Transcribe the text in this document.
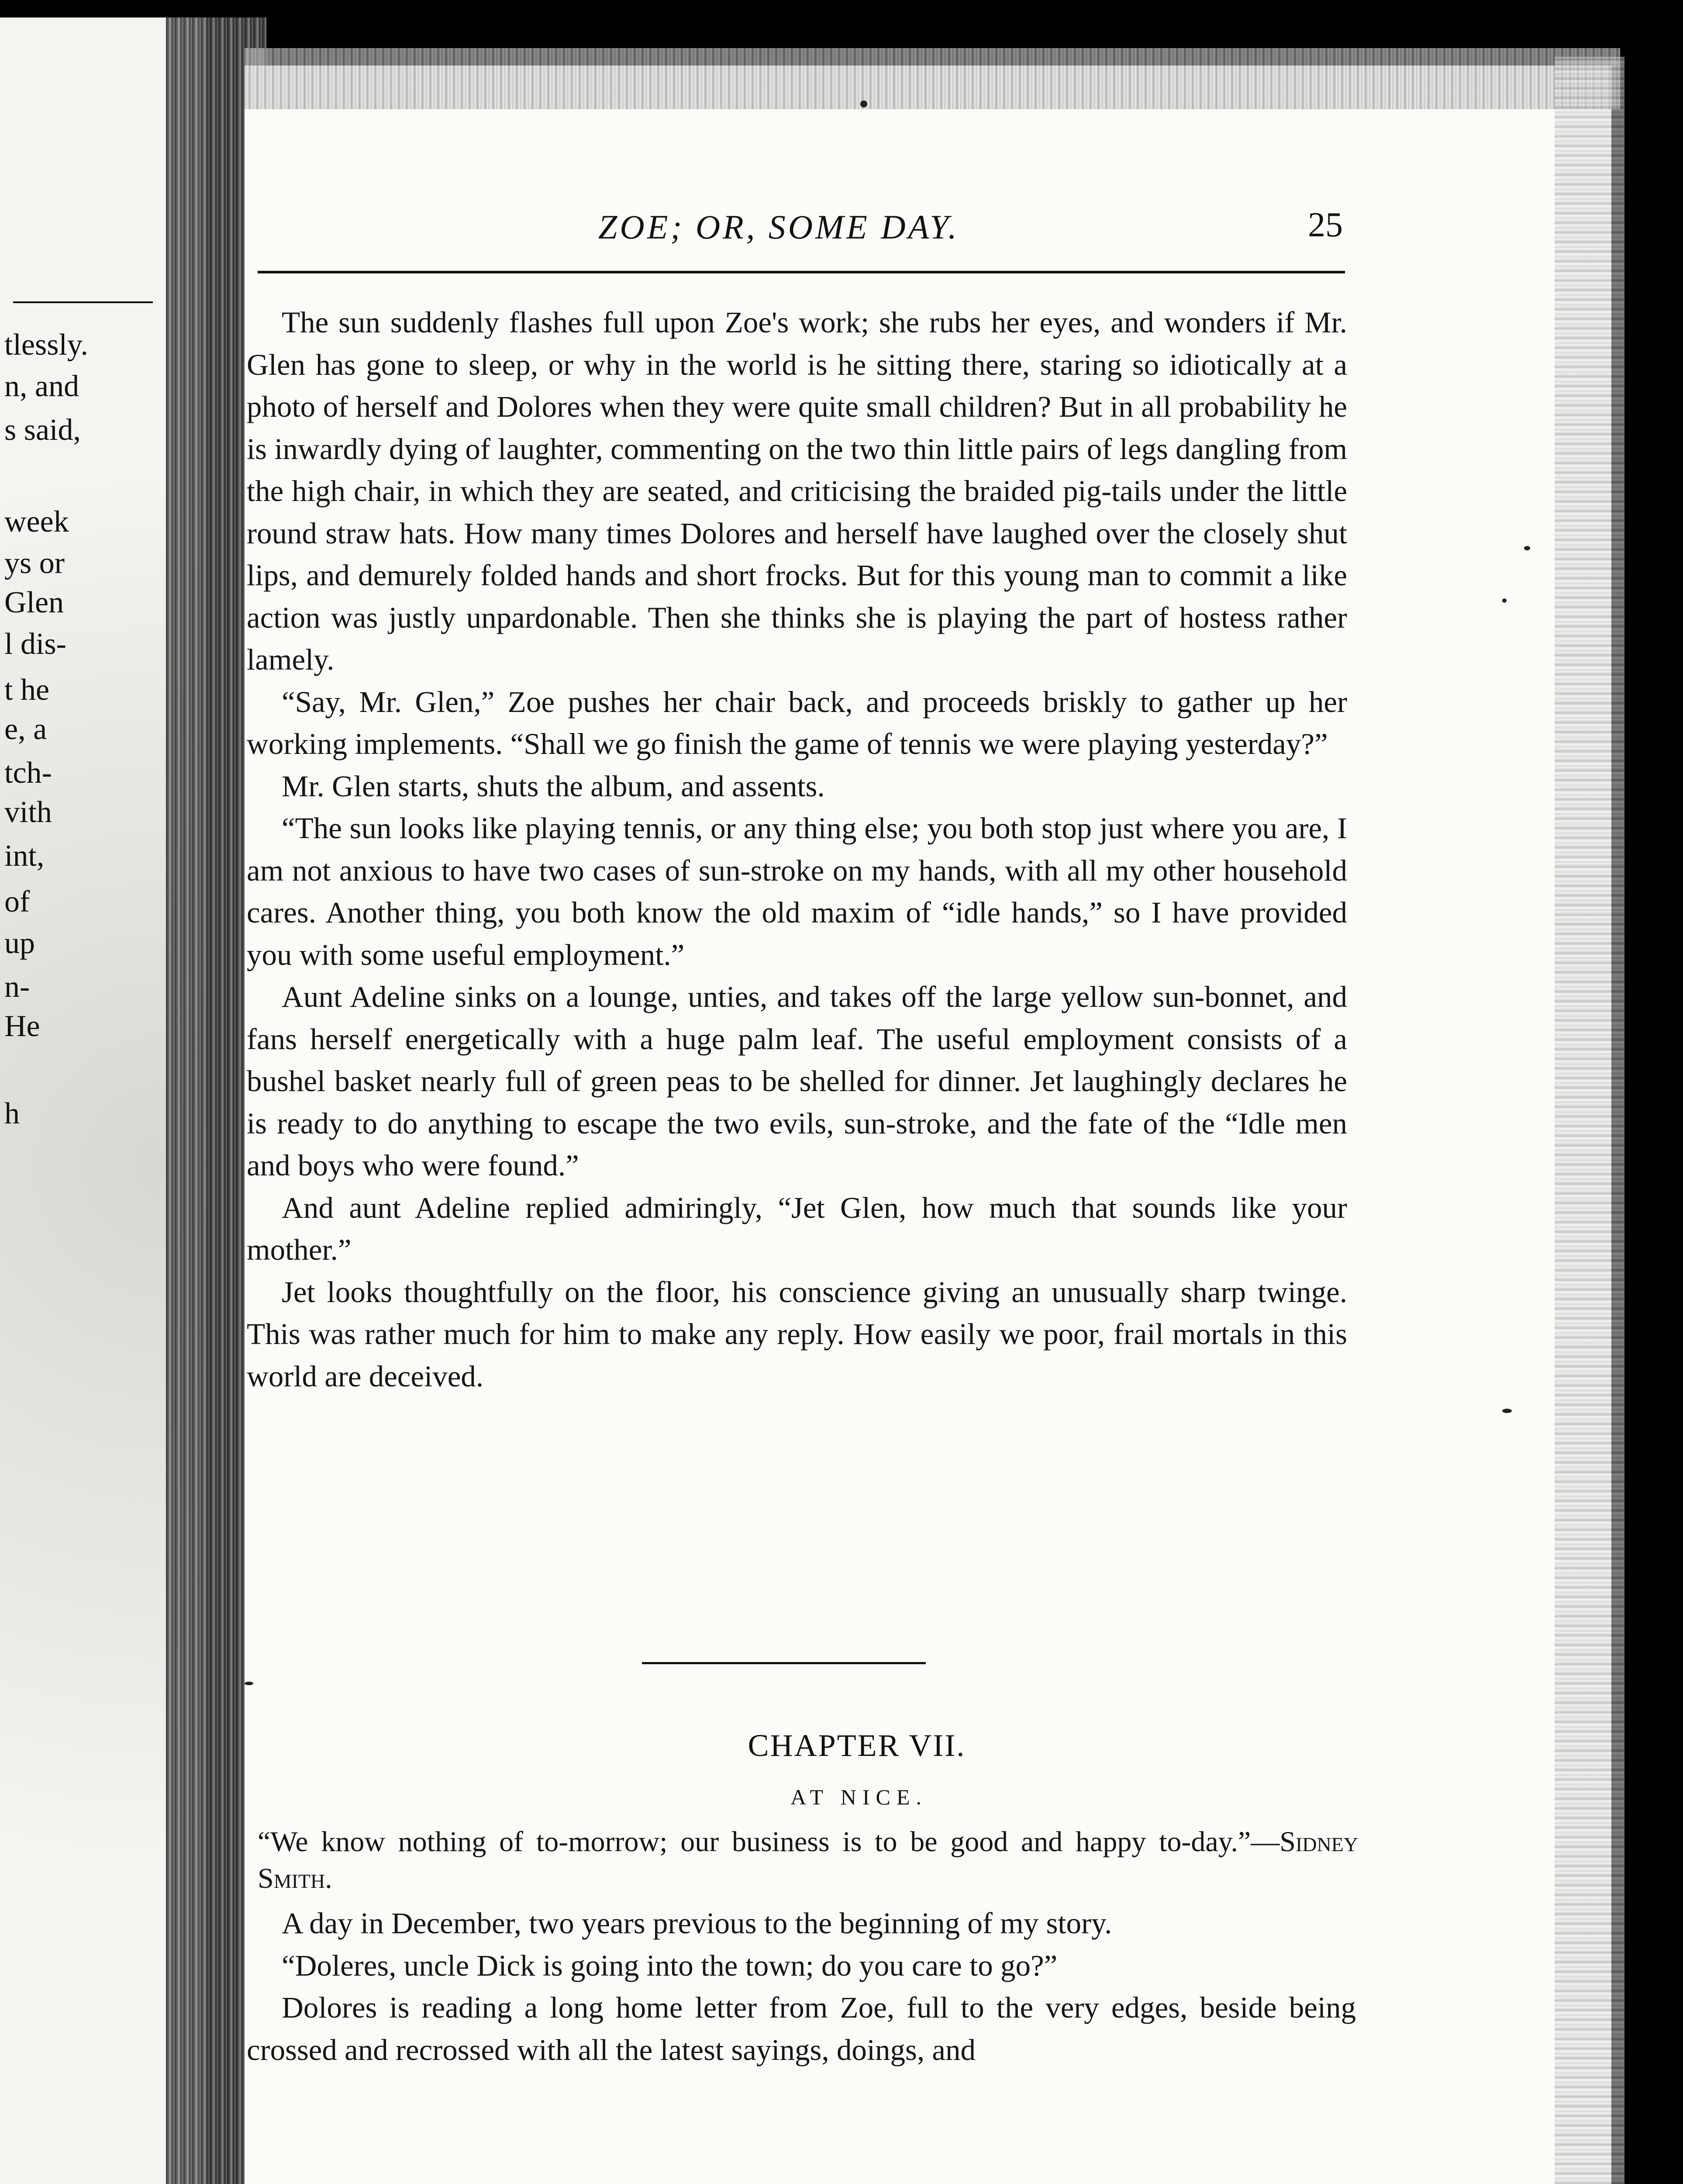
tlessly.
n, and
s said,
week
ys or
Glen
l dis-
t he
e, a
tch-
vith
int,
of
up
n-
He
h
ZOE; OR, SOME DAY.	25

The sun suddenly flashes full upon Zoe's work; she rubs her eyes, and wonders if Mr. Glen has gone to sleep, or why in the world is he sitting there, staring so idiotically at a photo of herself and Dolores when they were quite small children? But in all probability he is inwardly dying of laughter, commenting on the two thin little pairs of legs dangling from the high chair, in which they are seated, and criticising the braided pig-tails under the little round straw hats. How many times Dolores and herself have laughed over the closely shut lips, and demurely folded hands and short frocks. But for this young man to commit a like action was justly unpardonable. Then she thinks she is playing the part of hostess rather lamely.

“Say, Mr. Glen,” Zoe pushes her chair back, and proceeds briskly to gather up her working implements. “Shall we go finish the game of tennis we were playing yesterday?”

Mr. Glen starts, shuts the album, and assents.

“The sun looks like playing tennis, or any thing else; you both stop just where you are, I am not anxious to have two cases of sun-stroke on my hands, with all my other household cares. Another thing, you both know the old maxim of “idle hands,” so I have provided you with some useful employment.”

Aunt Adeline sinks on a lounge, unties, and takes off the large yellow sun-bonnet, and fans herself energetically with a huge palm leaf. The useful employment consists of a bushel basket nearly full of green peas to be shelled for dinner. Jet laughingly declares he is ready to do anything to escape the two evils, sun-stroke, and the fate of the “Idle men and boys who were found.”

And aunt Adeline replied admiringly, “Jet Glen, how much that sounds like your mother.”

Jet looks thoughtfully on the floor, his conscience giving an unusually sharp twinge. This was rather much for him to make any reply. How easily we poor, frail mortals in this world are deceived.

CHAPTER VII.
AT NICE.

“We know nothing of to-morrow; our business is to be good and happy to-day.”—Sidney Smith.

A day in December, two years previous to the beginning of my story.

“Doleres, uncle Dick is going into the town; do you care to go?”

Dolores is reading a long home letter from Zoe, full to the very edges, beside being crossed and recrossed with all the latest sayings, doings, and
